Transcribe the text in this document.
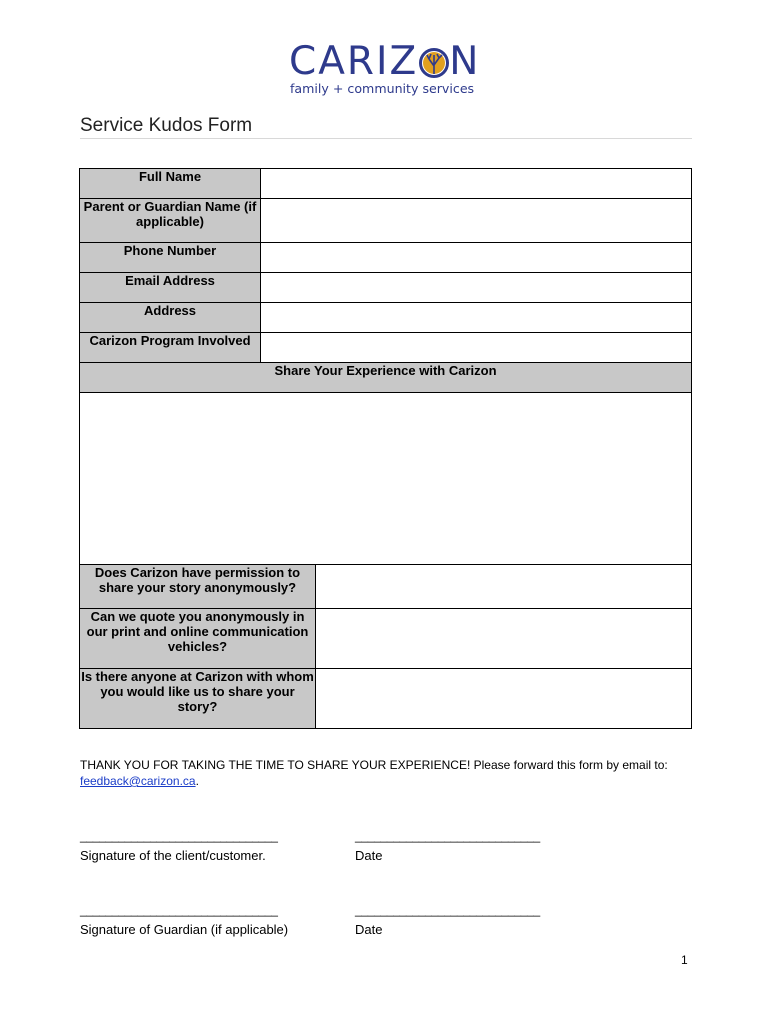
CARIZ N
family + community services
Service Kudos Form
Full Name	
Parent or Guardian Name (if applicable)	
Phone Number	
Email Address	
Address	
Carizon Program Involved	
Share Your Experience with Carizon	

Does Carizon have permission to share your story anonymously?	
Can we quote you anonymously in our print and online communication vehicles?	
Is there anyone at Carizon with whom you would like us to share your story?	
THANK YOU FOR TAKING THE TIME TO SHARE YOUR EXPERIENCE! Please forward this form by email to: feedback@carizon.ca.
_______________________________	_____________________________
Signature of the client/customer.	Date
_______________________________	_____________________________
Signature of Guardian (if applicable)	Date
1
